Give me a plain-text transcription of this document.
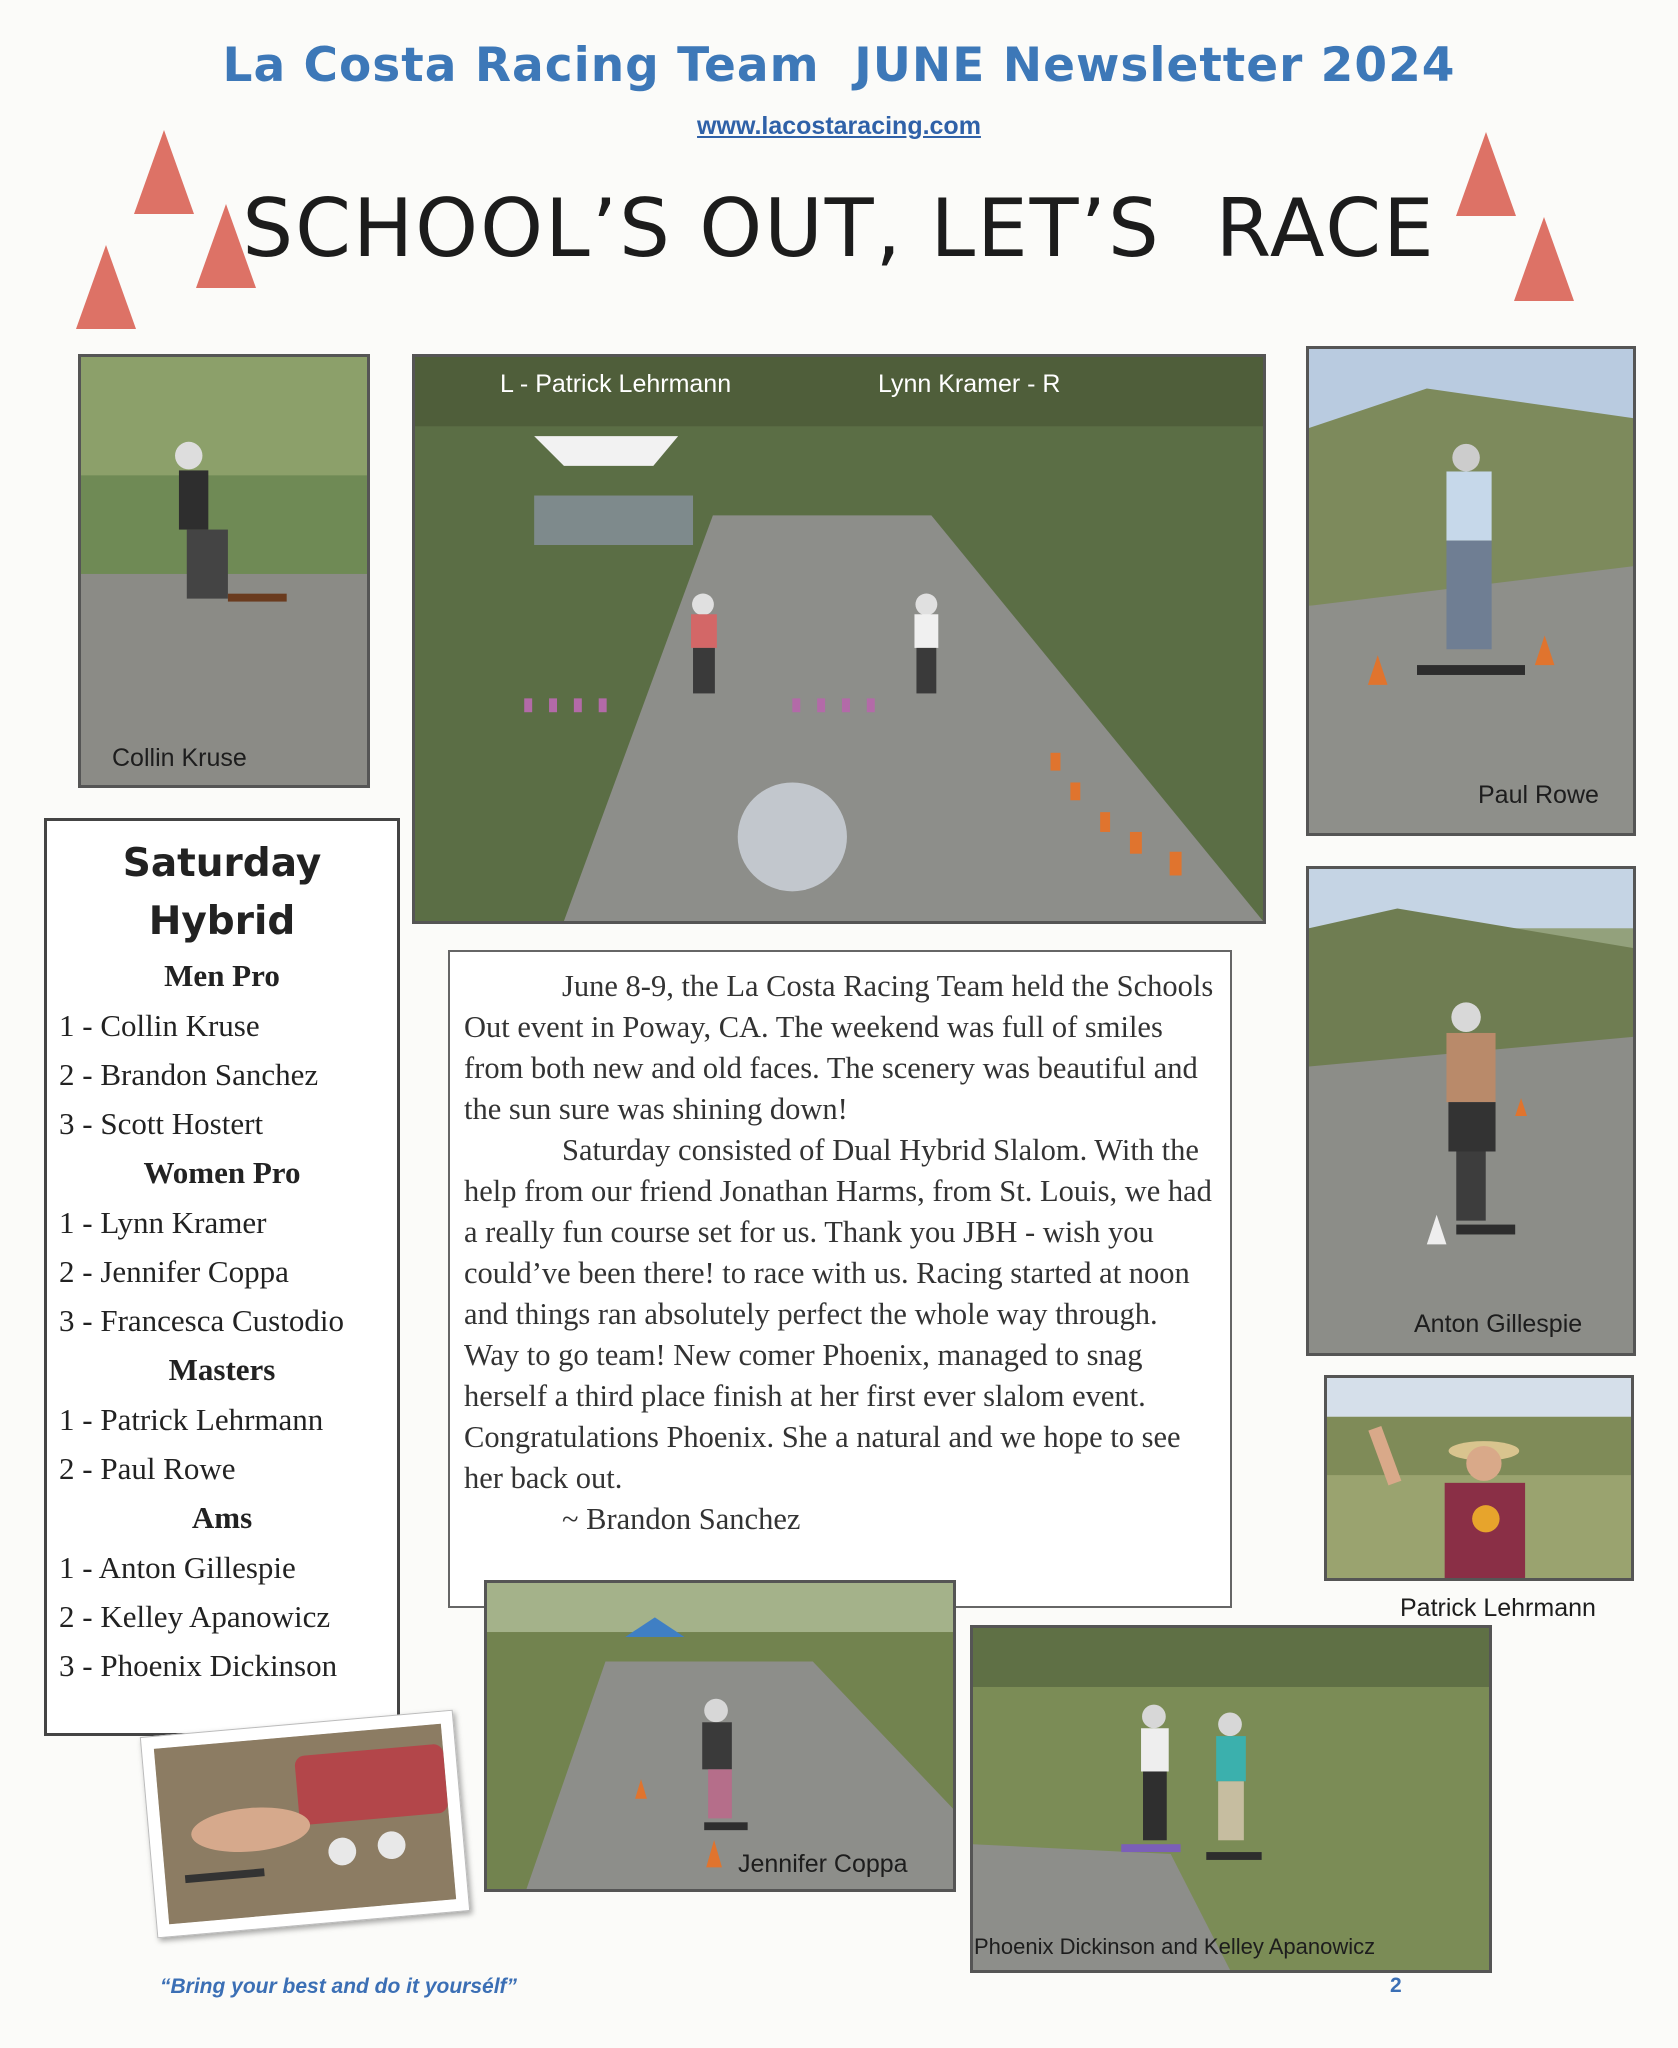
La Costa Racing Team  JUNE Newsletter 2024
www.lacostaracing.com
SCHOOL’S OUT, LET’S  RACE
Collin Kruse
L - Patrick Lehrmann	Lynn Kramer - R
Paul Rowe
Anton Gillespie
Patrick Lehrmann
Saturday
Hybrid
Men Pro
1 - Collin Kruse
2 - Brandon Sanchez
3 - Scott Hostert
Women Pro
1 - Lynn Kramer
2 - Jennifer Coppa
3 - Francesca Custodio
Masters
1 - Patrick Lehrmann
2 - Paul Rowe
Ams
1 - Anton Gillespie
2 - Kelley Apanowicz
3 - Phoenix Dickinson

June 8-9, the La Costa Racing Team held the Schools Out event in Poway, CA. The weekend was full of smiles from both new and old faces. The scenery was beautiful and the sun sure was shining down!

Saturday consisted of Dual Hybrid Slalom. With the help from our friend Jonathan Harms, from St. Louis, we had a really fun course set for us. Thank you JBH - wish you could’ve been there! to race with us. Racing started at noon and things ran absolutely perfect the whole way through. Way to go team! New comer Phoenix, managed to snag herself a third place finish at her first ever slalom event. Congratulations Phoenix. She a natural and we hope to see her back out.

~ Brandon Sanchez

Jennifer Coppa
Phoenix Dickinson and Kelley Apanowicz
“Bring your best and do it yoursélf”	2
